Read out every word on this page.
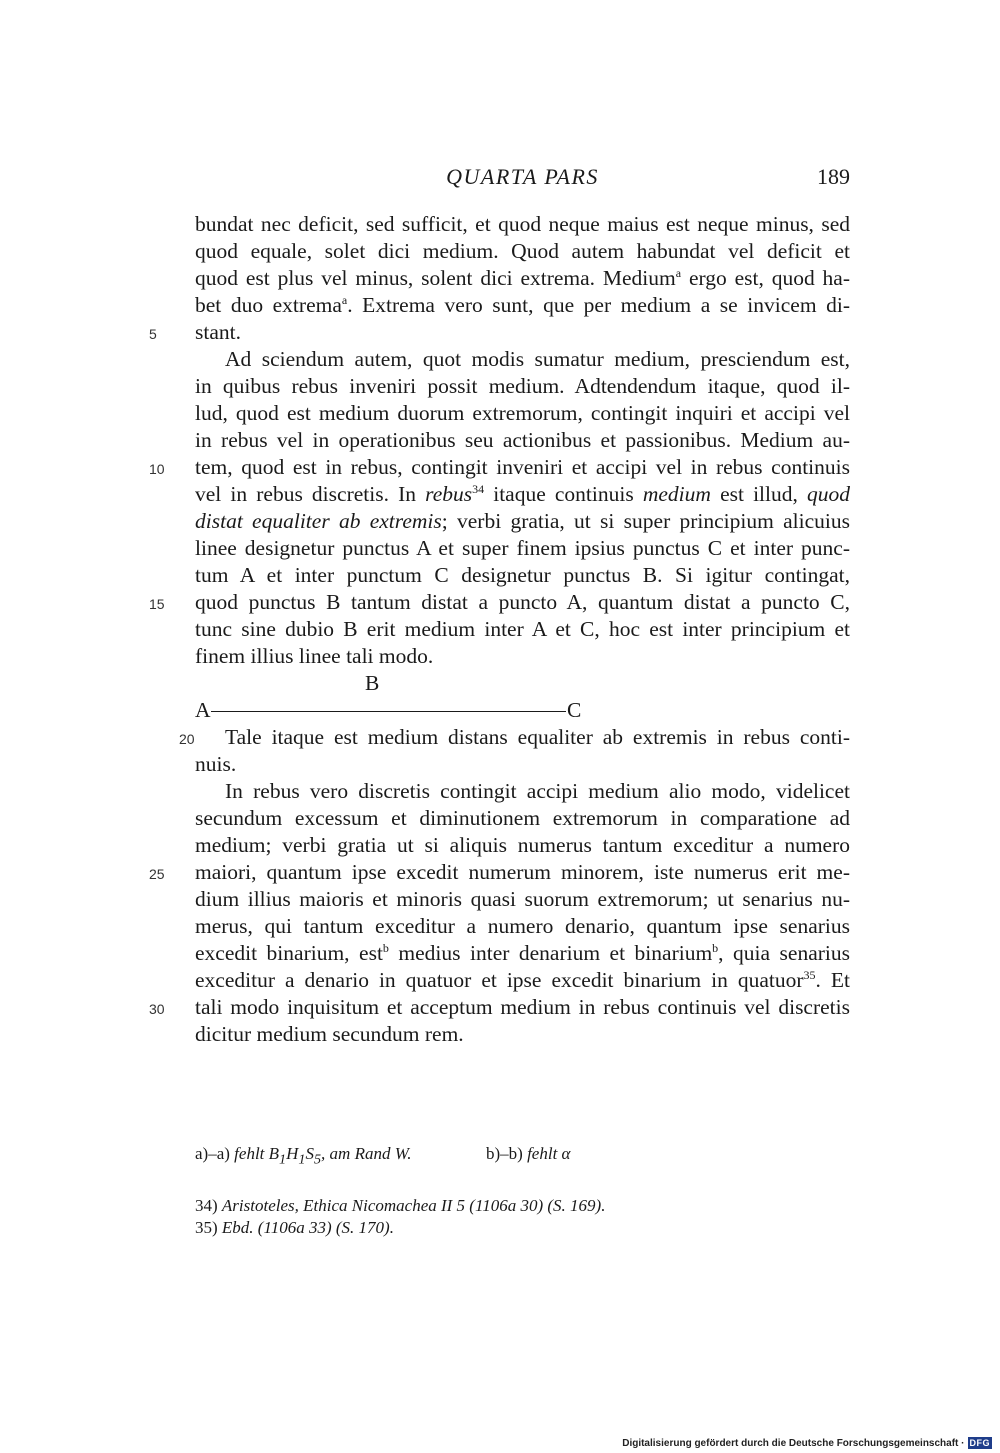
QUARTA PARS	189
bundat nec deficit, sed sufficit, et quod neque maius est neque minus, sed
quod equale, solet dici medium. Quod autem habundat vel deficit et
quod est plus vel minus, solent dici extrema. Medium$^a$ ergo est, quod ha-
bet duo extrema$^a$. Extrema vero sunt, que per medium a se invicem di-
5 stant.
Ad sciendum autem, quot modis sumatur medium, presciendum est,
in quibus rebus inveniri possit medium. Adtendendum itaque, quod il-
lud, quod est medium duorum extremorum, contingit inquiri et accipi vel
in rebus vel in operationibus seu actionibus et passionibus. Medium au-
10 tem, quod est in rebus, contingit inveniri et accipi vel in rebus continuis
vel in rebus discretis. In rebus$^{34}$ itaque continuis medium est illud, quod
distat equaliter ab extremis; verbi gratia, ut si super principium alicuius
linee designetur punctus A et super finem ipsius punctus C et inter punc-
tum A et inter punctum C designetur punctus B. Si igitur contingat,
15 quod punctus B tantum distat a puncto A, quantum distat a puncto C,
tunc sine dubio B erit medium inter A et C, hoc est inter principium et
finem illius linee tali modo.
B
A	C
20 Tale itaque est medium distans equaliter ab extremis in rebus conti-
nuis.
In rebus vero discretis contingit accipi medium alio modo, videlicet
secundum excessum et diminutionem extremorum in comparatione ad
medium; verbi gratia ut si aliquis numerus tantum exceditur a numero
25 maiori, quantum ipse excedit numerum minorem, iste numerus erit me-
dium illius maioris et minoris quasi suorum extremorum; ut senarius nu-
merus, qui tantum exceditur a numero denario, quantum ipse senarius
excedit binarium, est$^b$ medius inter denarium et binarium$^b$, quia senarius
exceditur a denario in quatuor et ipse excedit binarium in quatuor$^{35}$. Et
30 tali modo inquisitum et acceptum medium in rebus continuis vel discretis
dicitur medium secundum rem.
a)–a) fehlt $B_1H_1S_5$, am Rand W.	b)–b) fehlt α
34) Aristoteles, Ethica Nicomachea II 5 (1106a 30) (S. 169).
35) Ebd. (1106a 33) (S. 170).
Digitalisierung gefördert durch die Deutsche Forschungsgemeinschaft · DFG
